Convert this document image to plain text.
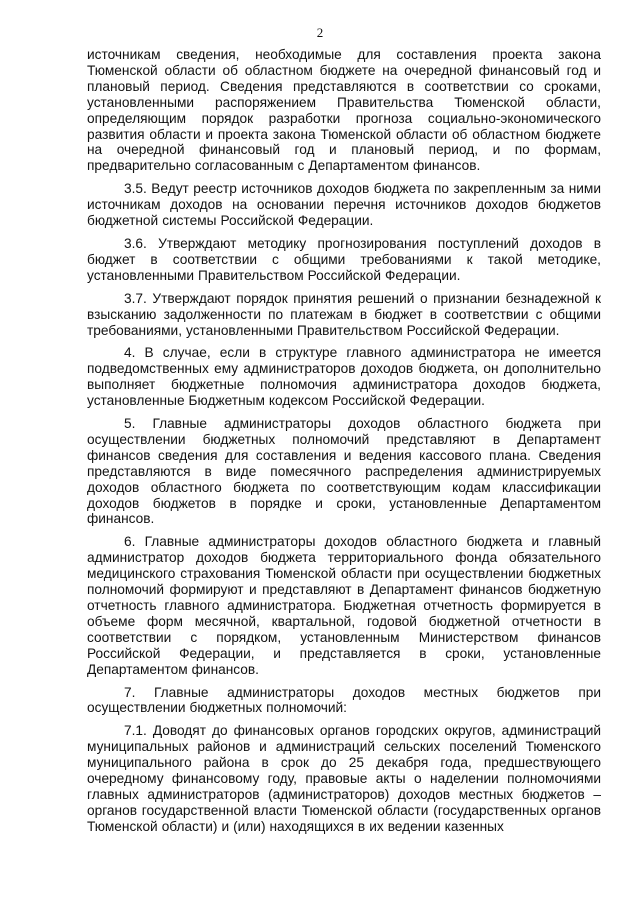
2

источникам сведения, необходимые для составления проекта закона Тюменской области об областном бюджете на очередной финансовый год и плановый период. Сведения представляются в соответствии со сроками, установленными распоряжением Правительства Тюменской области, определяющим порядок разработки прогноза социально-экономического развития области и проекта закона Тюменской области об областном бюджете на очередной финансовый год и плановый период, и по формам, предварительно согласованным с Департаментом финансов.

3.5. Ведут реестр источников доходов бюджета по закрепленным за ними источникам доходов на основании перечня источников доходов бюджетов бюджетной системы Российской Федерации.

3.6. Утверждают методику прогнозирования поступлений доходов в бюджет в соответствии с общими требованиями к такой методике, установленными Правительством Российской Федерации.

3.7. Утверждают порядок принятия решений о признании безнадежной к взысканию задолженности по платежам в бюджет в соответствии с общими требованиями, установленными Правительством Российской Федерации.

4. В случае, если в структуре главного администратора не имеется подведомственных ему администраторов доходов бюджета, он дополнительно выполняет бюджетные полномочия администратора доходов бюджета, установленные Бюджетным кодексом Российской Федерации.

5. Главные администраторы доходов областного бюджета при осуществлении бюджетных полномочий представляют в Департамент финансов сведения для составления и ведения кассового плана. Сведения представляются в виде помесячного распределения администрируемых доходов областного бюджета по соответствующим кодам классификации доходов бюджетов в порядке и сроки, установленные Департаментом финансов.

6. Главные администраторы доходов областного бюджета и главный администратор доходов бюджета территориального фонда обязательного медицинского страхования Тюменской области при осуществлении бюджетных полномочий формируют и представляют в Департамент финансов бюджетную отчетность главного администратора. Бюджетная отчетность формируется в объеме форм месячной, квартальной, годовой бюджетной отчетности в соответствии с порядком, установленным Министерством финансов Российской Федерации, и представляется в сроки, установленные Департаментом финансов.

7. Главные администраторы доходов местных бюджетов при осуществлении бюджетных полномочий:

7.1. Доводят до финансовых органов городских округов, администраций муниципальных районов и администраций сельских поселений Тюменского муниципального района в срок до 25 декабря года, предшествующего очередному финансовому году, правовые акты о наделении полномочиями главных администраторов (администраторов) доходов местных бюджетов – органов государственной власти Тюменской области (государственных органов Тюменской области) и (или) находящихся в их ведении казенных
